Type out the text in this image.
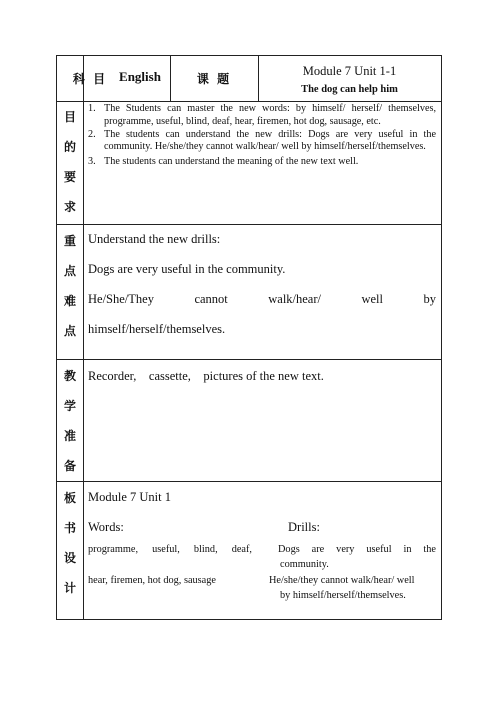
科 目 English	课 题
Module 7 Unit 1-1
The dog can help him
目
的
要
求
1. The Students can master the new words: by himself/ herself/ themselves, programme, useful, blind, deaf, hear, firemen, hot dog, sausage, etc.
2. The students can understand the new drills: Dogs are very useful in the community. He/she/they cannot walk/hear/ well by himself/herself/themselves.
3. The students can understand the meaning of the new text well.
重
点
难
点
Understand the new drills:
Dogs are very useful in the community.
He/She/They cannot walk/hear/ well by
himself/herself/themselves.
教
学
准
备
Recorder,    cassette,    pictures of the new text.
板
书
设
计
Module 7 Unit 1
Words:	Drills:
programme, useful, blind, deaf,
hear, firemen, hot dog, sausage
Dogs are very useful in the
community.
He/she/they cannot walk/hear/ well
by himself/herself/themselves.
